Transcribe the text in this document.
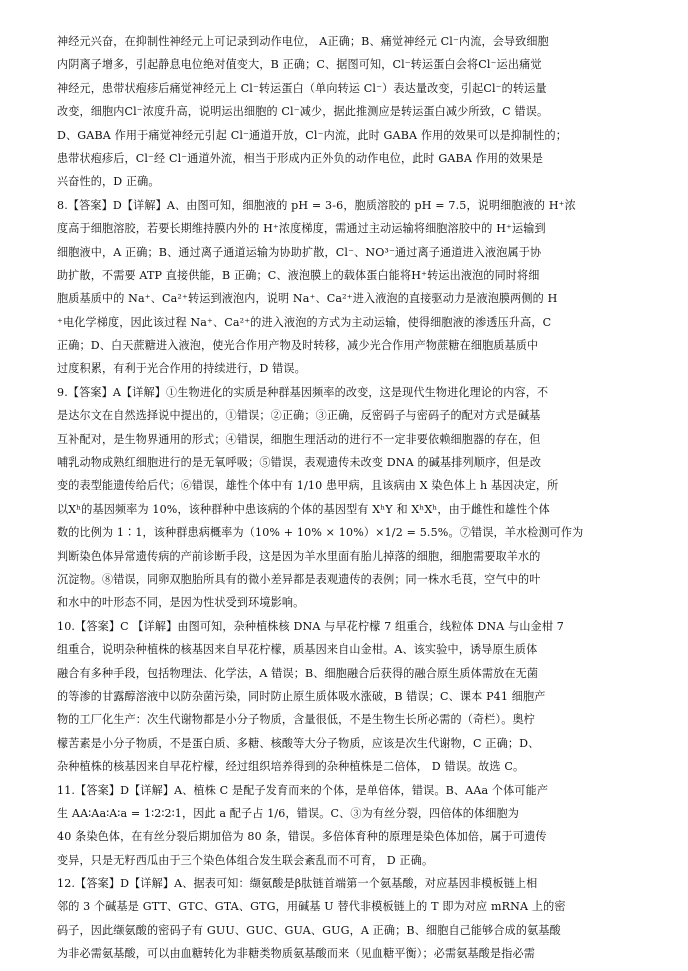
神经元兴奋，在抑制性神经元上可记录到动作电位， A正确；B、痛觉神经元 Cl⁻内流，会导致细胞
内阴离子增多，引起静息电位绝对值变大，B 正确；C、据图可知，Cl⁻转运蛋白会将Cl⁻运出痛觉
神经元，患带状疱疹后痛觉神经元上 Cl⁻转运蛋白（单向转运 Cl⁻）表达量改变，引起Cl⁻的转运量
改变，细胞内Cl⁻浓度升高，说明运出细胞的 Cl⁻减少，据此推测应是转运蛋白减少所致，C 错误。
D、GABA 作用于痛觉神经元引起 Cl⁻通道开放，Cl⁻内流，此时 GABA 作用的效果可以是抑制性的；
患带状疱疹后，Cl⁻经 Cl⁻通道外流，相当于形成内正外负的动作电位，此时 GABA 作用的效果是
兴奋性的，D 正确。
8.【答案】D【详解】A、由图可知，细胞液的 pH = 3-6，胞质溶胶的 pH = 7.5，说明细胞液的 H⁺浓
度高于细胞溶胶，若要长期维持膜内外的 H⁺浓度梯度，需通过主动运输将细胞溶胶中的 H⁺运输到
细胞液中，A 正确；B、通过离子通道运输为协助扩散，Cl⁻、NO³⁻通过离子通道进入液泡属于协
助扩散，不需要 ATP 直接供能，B 正确；C、液泡膜上的载体蛋白能将H⁺转运出液泡的同时将细
胞质基质中的 Na⁺、Ca²⁺转运到液泡内，说明 Na⁺、Ca²⁺进入液泡的直接驱动力是液泡膜两侧的 H
⁺电化学梯度，因此该过程 Na⁺、Ca²⁺的进入液泡的方式为主动运输，使得细胞液的渗透压升高，C
正确；D、白天蔗糖进入液泡，使光合作用产物及时转移，减少光合作用产物蔗糖在细胞质基质中
过度积累，有利于光合作用的持续进行，D 错误。
9.【答案】A【详解】①生物进化的实质是种群基因频率的改变，这是现代生物进化理论的内容，不
是达尔文在自然选择说中提出的，①错误；②正确；③正确，反密码子与密码子的配对方式是碱基
互补配对，是生物界通用的形式；④错误，细胞生理活动的进行不一定非要依赖细胞器的存在，但
哺乳动物成熟红细胞进行的是无氧呼吸；⑤错误，表观遗传未改变 DNA 的碱基排列顺序，但是改
变的表型能遗传给后代；⑥错误，雄性个体中有 1/10 患甲病，且该病由 X 染色体上 h 基因决定，所
以Xʰ的基因频率为 10%，该种群种中患该病的个体的基因型有 XʰY 和 XʰXʰ，由于雌性和雄性个体
数的比例为 1∶1，该种群患病概率为（10% + 10% × 10%）×1/2 = 5.5%。⑦错误，羊水检测可作为
判断染色体异常遗传病的产前诊断手段，这是因为羊水里面有胎儿掉落的细胞，细胞需要取羊水的
沉淀物。⑧错误，同卵双胞胎所具有的微小差异都是表观遗传的表例；同一株水毛茛，空气中的叶
和水中的叶形态不同，是因为性状受到环境影响。
10.【答案】C 【详解】由图可知，杂种植株核 DNA 与早花柠檬 7 组重合，线粒体 DNA 与山金柑 7
组重合，说明杂种植株的核基因来自早花柠檬，质基因来自山金柑。A、该实验中，诱导原生质体
融合有多种手段，包括物理法、化学法，A 错误；B、细胞融合后获得的融合原生质体需放在无菌
的等渗的甘露醇溶液中以防杂菌污染，同时防止原生质体吸水涨破，B 错误；C、课本 P41 细胞产
物的工厂化生产：次生代谢物都是小分子物质，含量很低，不是生物生长所必需的（奇栏）。奥柠
檬苦素是小分子物质，不是蛋白质、多糖、核酸等大分子物质，应该是次生代谢物，C 正确；D、
杂种植株的核基因来自早花柠檬，经过组织培养得到的杂种植株是二倍体， D 错误。故选 C。
11.【答案】D【详解】A、植株 C 是配子发育而来的个体，是单倍体，错误。B、AAa 个体可能产
生 AA∶Aa∶A∶a = 1∶2∶2∶1，因此 a 配子占 1/6，错误。C、③为有丝分裂，四倍体的体细胞为
40 条染色体，在有丝分裂后期加倍为 80 条，错误。多倍体育种的原理是染色体加倍，属于可遗传
变异，只是无籽西瓜由于三个染色体组合发生联会紊乱而不可育， D 正确。
12.【答案】D【详解】A、据表可知：缬氨酸是β肽链首端第一个氨基酸，对应基因非模板链上相
邻的 3 个碱基是 GTT、GTC、GTA、GTG，用碱基 U 替代非模板链上的 T 即为对应 mRNA 上的密
码子，因此缬氨酸的密码子有 GUU、GUC、GUA、GUG，A 正确；B、细胞自己能够合成的氨基酸
为非必需氨基酸，可以由血糖转化为非糖类物质氨基酸而来（见血糖平衡）；必需氨基酸是指必需
